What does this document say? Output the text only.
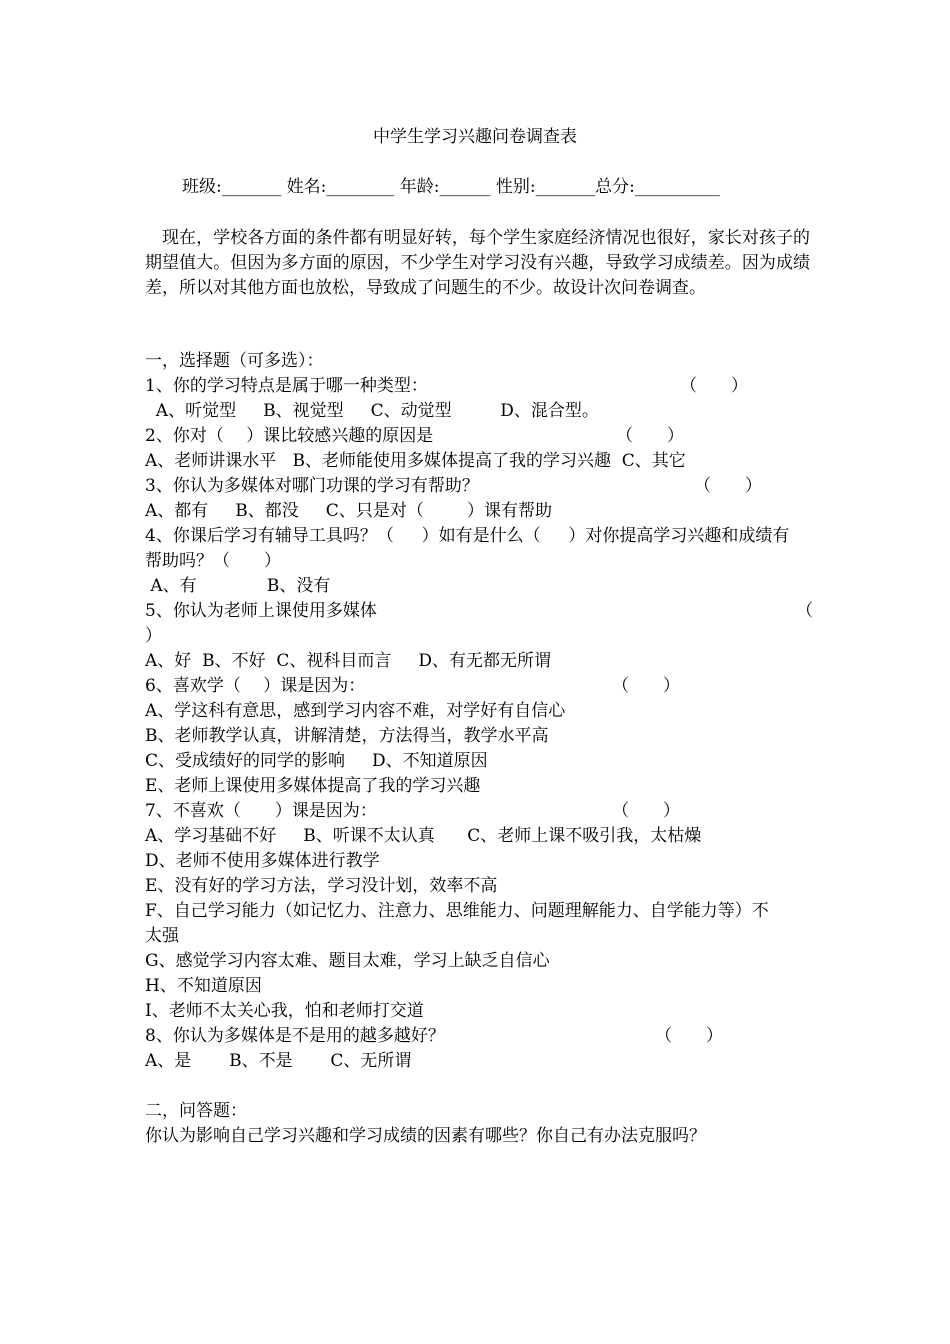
中学生学习兴趣问卷调查表
班级:_______ 姓名:________ 年龄:______ 性别:_______总分:__________
现在，学校各方面的条件都有明显好转，每个学生家庭经济情况也很好，家长对孩子的期望值大。但因为多方面的原因，不少学生对学习没有兴趣，导致学习成绩差。因为成绩差，所以对其他方面也放松，导致成了问题生的不少。故设计次问卷调查。
一，选择题（可多选）：
1、你的学习特点是属于哪一种类型：	（　　）
A、听觉型     B、视觉型     C、动觉型         D、混合型。
2、你对（　 ）课比较感兴趣的原因是	（　　）
A、老师讲课水平   B、老师能使用多媒体提高了我的学习兴趣  C、其它
3、你认为多媒体对哪门功课的学习有帮助？	（　　）
A、都有     B、都没     C、只是对（        ）课有帮助
4、你课后学习有辅导工具吗？（　  ）如有是什么（　  ）对你提高学习兴趣和成绩有
帮助吗？（　　）
A、有             B、没有
5、你认为老师上课使用多媒体	（
）
A、好  B、不好  C、视科目而言     D、有无都无所谓
6、喜欢学（　 ）课是因为：	（　　）
A、学这科有意思，感到学习内容不难，对学好有自信心
B、老师教学认真，讲解清楚，方法得当，教学水平高
C、受成绩好的同学的影响     D、不知道原因
E、老师上课使用多媒体提高了我的学习兴趣
7、不喜欢（　　）课是因为：	（　　）
A、学习基础不好     B、听课不太认真      C、老师上课不吸引我，太枯燥
D、老师不使用多媒体进行教学
E、没有好的学习方法，学习没计划，效率不高
F、自己学习能力（如记忆力、注意力、思维能力、问题理解能力、自学能力等）不
太强
G、感觉学习内容太难、题目太难，学习上缺乏自信心
H、不知道原因
I、老师不太关心我，怕和老师打交道
8、你认为多媒体是不是用的越多越好？	（　　）
A、是       B、不是       C、无所谓
二，问答题：
你认为影响自己学习兴趣和学习成绩的因素有哪些？你自己有办法克服吗？
